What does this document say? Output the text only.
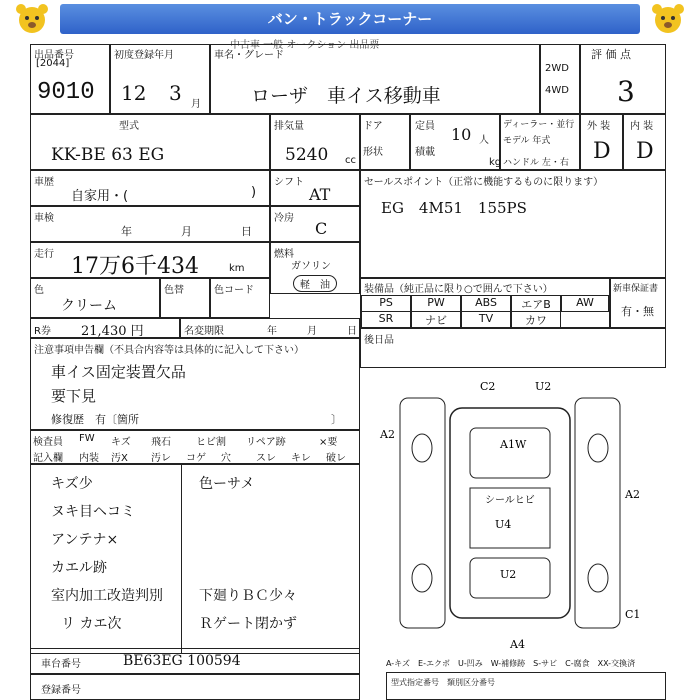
バン・トラックコーナー
中古車 一般 オークション 出品票
出品番号
[2044]
9010
初度登録年月
12 3 月
車名・グレード
ローザ　車イス移動車
2WD
4WD
評 価 点
3
型式
KK-BE 63 EG
排気量
5240 cc
ドア
形状
定員 10 人
積載
kg
ディーラー・並行
モデル 年式
ハンドル 左・右
外 装
D
内 装
D
車歴
自家用・(	)
シフト
AT
車検
年	月	日
冷房
C
走行 17万6千434	km
燃料
ガソリン
軽　油
色
クリーム
色替	色コード
R券 21,430 円	名変期限	年	月	日
セールスポイント（正常に機能するものに限ります）
EG　4M51　155PS
装備品（純正品に限り○で囲んで下さい）
PS	PW	ABS	エアB	AW
SR	ナビ	TV	カワ
新車保証書
有・無
後日品
注意事項申告欄（不具合内容等は具体的に記入して下さい）
車イス固定装置欠品
要下見
修復歴　有〔箇所	〕
検査員
記入欄
FW キズ 飛石	ヒビ割 リペア跡	×要
内装 汚X 汚レ コゲ 穴	スレ キレ 破レ
キズ少
ヌキ目ヘコミ
アンテナ×
カエル跡
室内加工改造判別
リ カエ次
色ーサメ
下廻りＢＣ少々
Ｒゲート閉かず
C2
A2
U2
A1W
シールヒビ
U4
A2
U2
A4
C1
A-キズ　E-エクボ　U-凹み　W-補修跡　S-サビ　C-腐食　XX-交換済
車台番号	BE63EG 100594
登録番号
型式指定番号　類別区分番号
